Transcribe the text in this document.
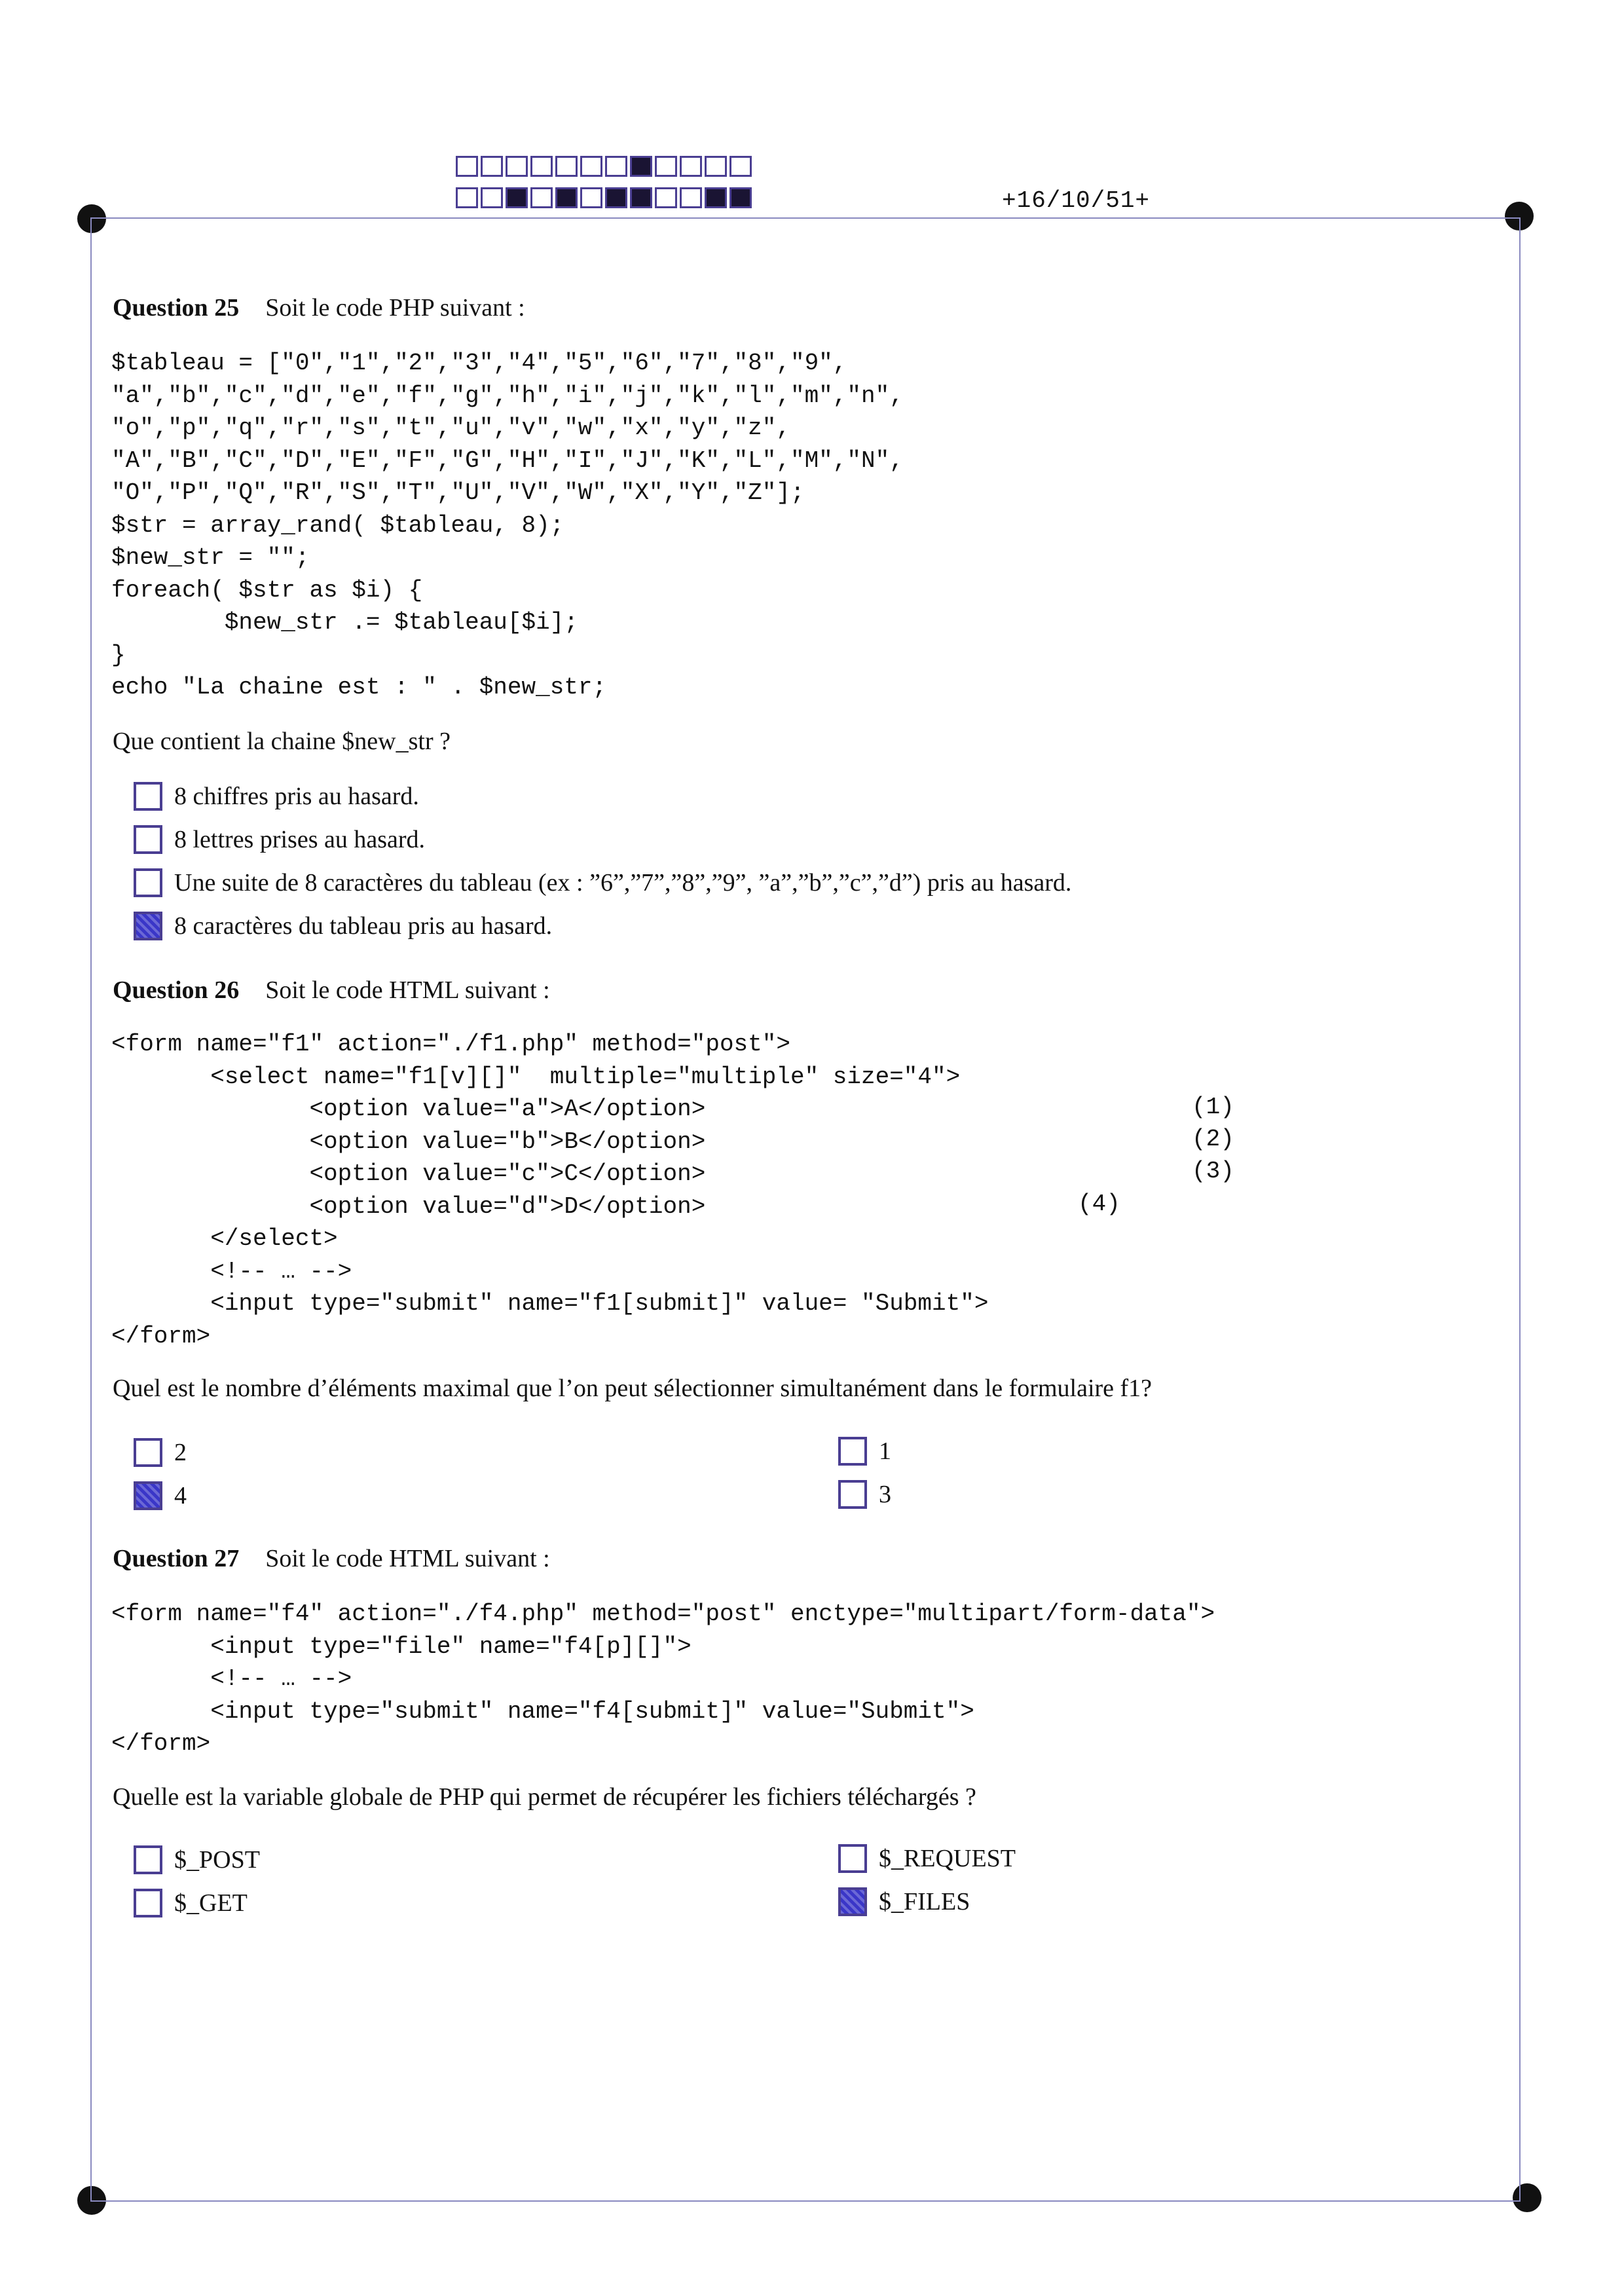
+16/10/51+
Question 25 Soit le code PHP suivant :
$tableau = ["0","1","2","3","4","5","6","7","8","9",
"a","b","c","d","e","f","g","h","i","j","k","l","m","n",
"o","p","q","r","s","t","u","v","w","x","y","z",
"A","B","C","D","E","F","G","H","I","J","K","L","M","N",
"O","P","Q","R","S","T","U","V","W","X","Y","Z"];
$str = array_rand( $tableau, 8);
$new_str = "";
foreach( $str as $i) {
$new_str .= $tableau[$i];
}
echo "La chaine est : " . $new_str;
Que contient la chaine $new_str ?
8 chiffres pris au hasard.
8 lettres prises au hasard.
Une suite de 8 caractères du tableau (ex : ”6”,”7”,”8”,”9”, ”a”,”b”,”c”,”d”) pris au hasard.
8 caractères du tableau pris au hasard.
Question 26 Soit le code HTML suivant :
<form name="f1" action="./f1.php" method="post">
<select name="f1[v][]"  multiple="multiple" size="4">
<option value="a">A</option>
<option value="b">B</option>
<option value="c">C</option>
<option value="d">D</option>
</select>
<!-- … -->
<input type="submit" name="f1[submit]" value= "Submit">
</form>
(1)
(2)
(3)
(4)
Quel est le nombre d’éléments maximal que l’on peut sélectionner simultanément dans le formulaire f1?
2	1
4	3
Question 27 Soit le code HTML suivant :
<form name="f4" action="./f4.php" method="post" enctype="multipart/form-data">
<input type="file" name="f4[p][]">
<!-- … -->
<input type="submit" name="f4[submit]" value="Submit">
</form>
Quelle est la variable globale de PHP qui permet de récupérer les fichiers téléchargés ?
$_POST	$_REQUEST
$_GET	$_FILES
